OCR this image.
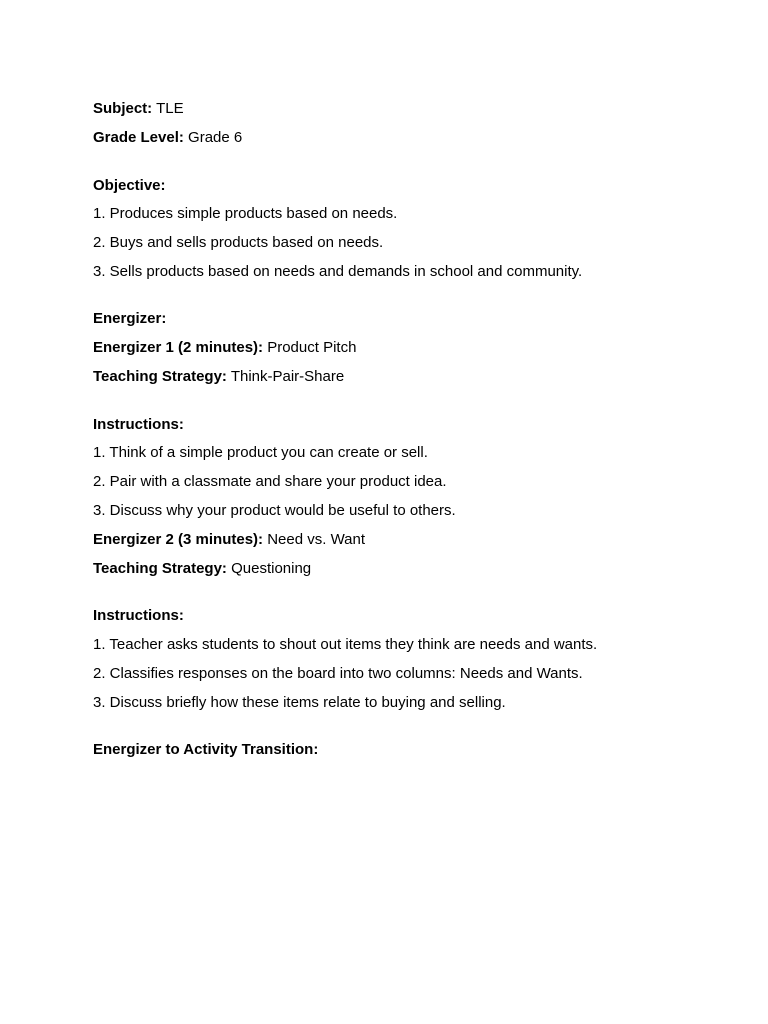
Subject: TLE
Grade Level: Grade 6
Objective:
1. Produces simple products based on needs.
2. Buys and sells products based on needs.
3. Sells products based on needs and demands in school and community.
Energizer:
Energizer 1 (2 minutes): Product Pitch
Teaching Strategy: Think-Pair-Share
Instructions:
1. Think of a simple product you can create or sell.
2. Pair with a classmate and share your product idea.
3. Discuss why your product would be useful to others.
Energizer 2 (3 minutes): Need vs. Want
Teaching Strategy: Questioning
Instructions:
1. Teacher asks students to shout out items they think are needs and wants.
2. Classifies responses on the board into two columns: Needs and Wants.
3. Discuss briefly how these items relate to buying and selling.
Energizer to Activity Transition:
